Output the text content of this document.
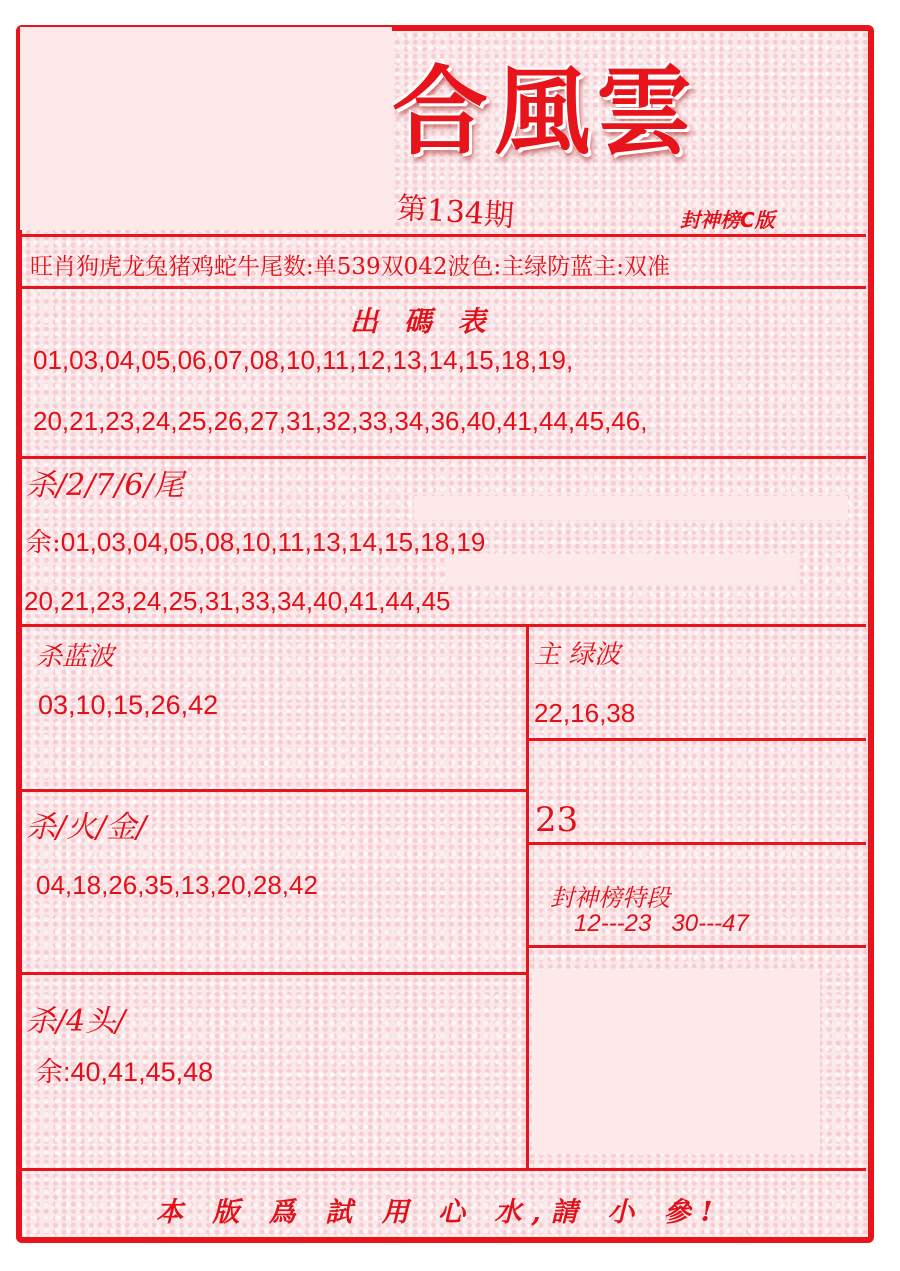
合風雲
第134期	封神榜C版
旺肖狗虎龙兔猪鸡蛇牛尾数:单539双042波色:主绿防蓝主:双准
出 碼 表
01,03,04,05,06,07,08,10,11,12,13,14,15,18,19,
20,21,23,24,25,26,27,31,32,33,34,36,40,41,44,45,46,
杀/2/7/6/尾
余:01,03,04,05,08,10,11,13,14,15,18,19
20,21,23,24,25,31,33,34,40,41,44,45
杀蓝波
03,10,15,26,42
主 绿波
22,16,38
23
杀/火/金/
04,18,26,35,13,20,28,42	封神榜特段
12---23   30---47
杀/4头/
余:40,41,45,48
本 版 爲 試 用 心 水,請 小 參!
